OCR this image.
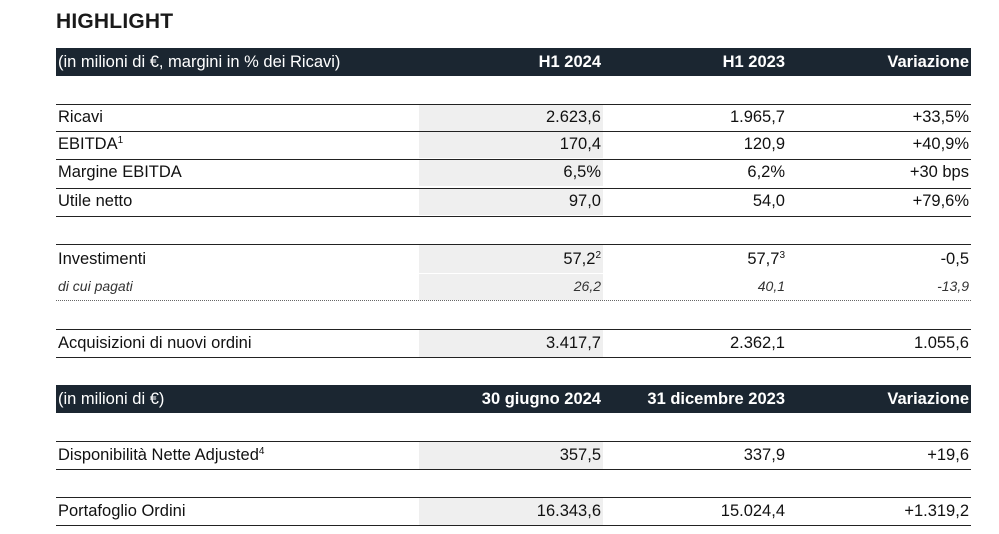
HIGHLIGHT
(in milioni di €, margini in % dei Ricavi)	H1 2024	H1 2023	Variazione
Ricavi	2.623,6	1.965,7	+33,5%
EBITDA$^1$	170,4	120,9	+40,9%
Margine EBITDA	6,5%	6,2%	+30 bps
Utile netto	97,0	54,0	+79,6%
Investimenti	57,2$^2$	57,7$^3$	-0,5
di cui pagati	26,2	40,1	-13,9
Acquisizioni di nuovi ordini	3.417,7	2.362,1	1.055,6
(in milioni di €)	30 giugno 2024	31 dicembre 2023	Variazione
Disponibilità Nette Adjusted$^4$	357,5	337,9	+19,6
Portafoglio Ordini	16.343,6	15.024,4	+1.319,2
